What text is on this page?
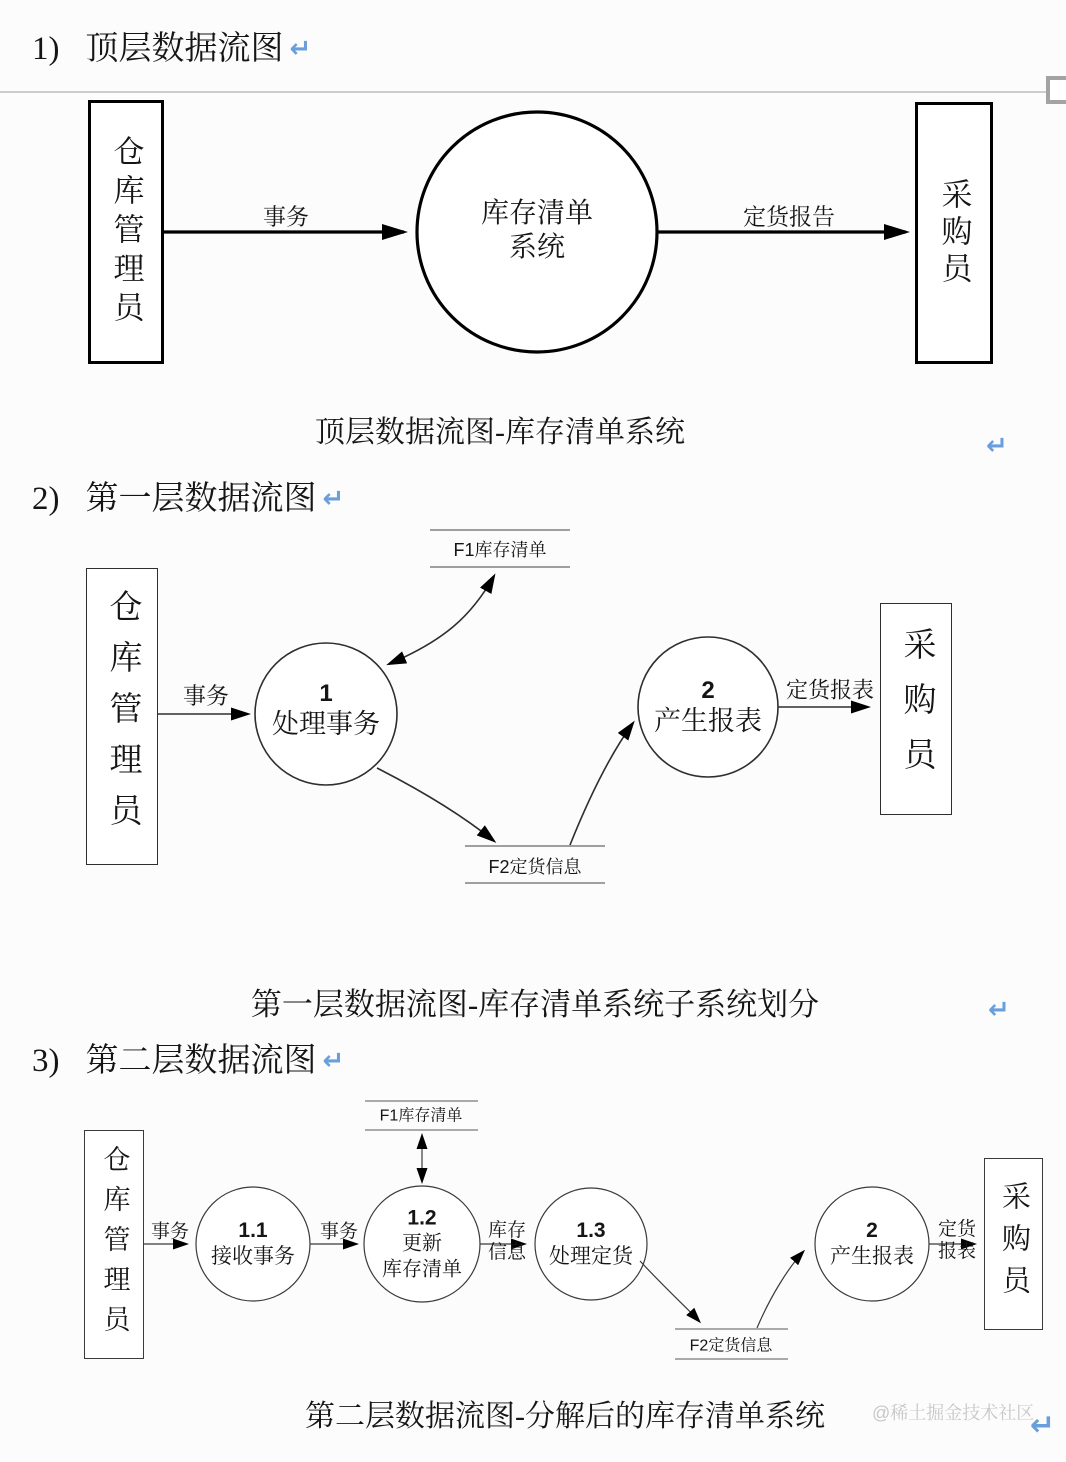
1) 顶层数据流图 ↵
2) 第一层数据流图 ↵
3) 第二层数据流图 ↵
仓库管理员	采购员
事务	定货报告
库存清单
系统
顶层数据流图-库存清单系统	↵
仓库管理员	采购员
F1库存清单
F2定货信息
事务	定货报表
1
处理事务
2
产生报表
第一层数据流图-库存清单系统子系统划分	↵
仓库管理员	采购员
F1库存清单
F2定货信息
事务	事务	库存
信息
定货
报表
1.1
接收事务
1.2
更新
库存清单
1.3
处理定货
2
产生报表
第二层数据流图-分解后的库存清单系统	@稀土掘金技术社区
↵
